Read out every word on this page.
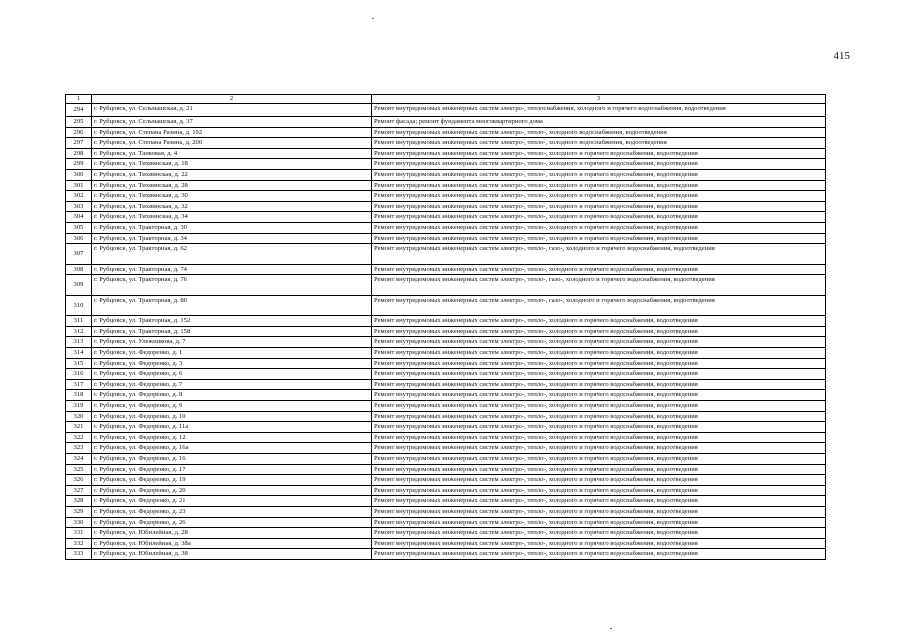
415
1	2	3
294	г. Рубцовск, ул. Сельмашская, д. 21	Ремонт внутридомовых инженерных систем электро-, теплоснабжения, холодного и горячего водоснабжения, водоотведения
295	г. Рубцовск, ул. Сельмашская, д. 37	Ремонт фасада; ремонт фундамента многоквартирного дома
296	г. Рубцовск, ул. Степана Разина, д. 192	Ремонт внутридомовых инженерных систем электро-, тепло-, холодного водоснабжения, водоотведения
297	г. Рубцовск, ул. Степана Разина, д. 200	Ремонт внутридомовых инженерных систем электро-, тепло-, холодного водоснабжения, водоотведения
298	г. Рубцовск, ул. Танковая, д. 4	Ремонт внутридомовых инженерных систем электро-, тепло-, холодного и горячего водоснабжения, водоотведения
299	г. Рубцовск, ул. Тихвинская, д. 18	Ремонт внутридомовых инженерных систем электро-, тепло-, холодного и горячего водоснабжения, водоотведения
300	г. Рубцовск, ул. Тихвинская, д. 22	Ремонт внутридомовых инженерных систем электро-, тепло-, холодного и горячего водоснабжения, водоотведения
301	г. Рубцовск, ул. Тихвинская, д. 28	Ремонт внутридомовых инженерных систем электро-, тепло-, холодного и горячего водоснабжения, водоотведения
302	г. Рубцовск, ул. Тихвинская, д. 30	Ремонт внутридомовых инженерных систем электро-, тепло-, холодного и горячего водоснабжения, водоотведения
303	г. Рубцовск, ул. Тихвинская, д. 32	Ремонт внутридомовых инженерных систем электро-, тепло-, холодного и горячего водоснабжения, водоотведения
304	г. Рубцовск, ул. Тихвинская, д. 34	Ремонт внутридомовых инженерных систем электро-, тепло-, холодного и горячего водоснабжения, водоотведения
305	г. Рубцовск, ул. Тракторная, д. 30	Ремонт внутридомовых инженерных систем электро-, тепло-, холодного и горячего водоснабжения, водоотведения
306	г. Рубцовск, ул. Тракторная, д. 34	Ремонт внутридомовых инженерных систем электро-, тепло-, холодного и горячего водоснабжения, водоотведения
307	г. Рубцовск, ул. Тракторная, д. 62	Ремонт внутридомовых инженерных систем электро-, тепло-, газо-, холодного и горячего водоснабжения, водоотведения
308	г. Рубцовск, ул. Тракторная, д. 74	Ремонт внутридомовых инженерных систем электро-, тепло-, холодного и горячего водоснабжения, водоотведения
309	г. Рубцовск, ул. Тракторная, д. 76	Ремонт внутридомовых инженерных систем электро-, тепло-, газо-, холодного и горячего водоснабжения, водоотведения
310	г. Рубцовск, ул. Тракторная, д. 80	Ремонт внутридомовых инженерных систем электро-, тепло-, газо-, холодного и горячего водоснабжения, водоотведения
311	г. Рубцовск, ул. Тракторная, д. 152	Ремонт внутридомовых инженерных систем электро-, тепло-, холодного и горячего водоснабжения, водоотведения
312	г. Рубцовск, ул. Тракторная, д. 158	Ремонт внутридомовых инженерных систем электро-, тепло-, холодного и горячего водоснабжения, водоотведения
313	г. Рубцовск, ул. Улежникова, д. 7	Ремонт внутридомовых инженерных систем электро-, тепло-, холодного и горячего водоснабжения, водоотведения
314	г. Рубцовск, ул. Федоренко, д. 1	Ремонт внутридомовых инженерных систем электро-, тепло-, холодного и горячего водоснабжения, водоотведения
315	г. Рубцовск, ул. Федоренко, д. 3	Ремонт внутридомовых инженерных систем электро-, тепло-, холодного и горячего водоснабжения, водоотведения
316	г. Рубцовск, ул. Федоренко, д. 6	Ремонт внутридомовых инженерных систем электро-, тепло-, холодного и горячего водоснабжения, водоотведения
317	г. Рубцовск, ул. Федоренко, д. 7	Ремонт внутридомовых инженерных систем электро-, тепло-, холодного и горячего водоснабжения, водоотведения
318	г. Рубцовск, ул. Федоренко, д. 8	Ремонт внутридомовых инженерных систем электро-, тепло-, холодного и горячего водоснабжения, водоотведения
319	г. Рубцовск, ул. Федоренко, д. 9	Ремонт внутридомовых инженерных систем электро-, тепло-, холодного и горячего водоснабжения, водоотведения
320	г. Рубцовск, ул. Федоренко, д. 10	Ремонт внутридомовых инженерных систем электро-, тепло-, холодного и горячего водоснабжения, водоотведения
321	г. Рубцовск, ул. Федоренко, д. 11а	Ремонт внутридомовых инженерных систем электро-, тепло-, холодного и горячего водоснабжения, водоотведения
322	г. Рубцовск, ул. Федоренко, д. 12	Ремонт внутридомовых инженерных систем электро-, тепло-, холодного и горячего водоснабжения, водоотведения
323	г. Рубцовск, ул. Федоренко, д. 16а	Ремонт внутридомовых инженерных систем электро-, тепло-, холодного и горячего водоснабжения, водоотведения
324	г. Рубцовск, ул. Федоренко, д. 16	Ремонт внутридомовых инженерных систем электро-, тепло-, холодного и горячего водоснабжения, водоотведения
325	г. Рубцовск, ул. Федоренко, д. 17	Ремонт внутридомовых инженерных систем электро-, тепло-, холодного и горячего водоснабжения, водоотведения
326	г. Рубцовск, ул. Федоренко, д. 19	Ремонт внутридомовых инженерных систем электро-, тепло-, холодного и горячего водоснабжения, водоотведения
327	г. Рубцовск, ул. Федоренко, д. 20	Ремонт внутридомовых инженерных систем электро-, тепло-, холодного и горячего водоснабжения, водоотведения
328	г. Рубцовск, ул. Федоренко, д. 21	Ремонт внутридомовых инженерных систем электро-, тепло-, холодного и горячего водоснабжения, водоотведения
329	г. Рубцовск, ул. Федоренко, д. 23	Ремонт внутридомовых инженерных систем электро-, тепло-, холодного и горячего водоснабжения, водоотведения
330	г. Рубцовск, ул. Федоренко, д. 26	Ремонт внутридомовых инженерных систем электро-, тепло-, холодного и горячего водоснабжения, водоотведения
331	г. Рубцовск, ул. Юбилейная, д. 28	Ремонт внутридомовых инженерных систем электро-, тепло-, холодного и горячего водоснабжения, водоотведения
332	г. Рубцовск, ул. Юбилейная, д. 38а	Ремонт внутридомовых инженерных систем электро-, тепло-, холодного и горячего водоснабжения, водоотведения
333	г. Рубцовск, ул. Юбилейная, д. 38	Ремонт внутридомовых инженерных систем электро-, тепло-, холодного и горячего водоснабжения, водоотведения
